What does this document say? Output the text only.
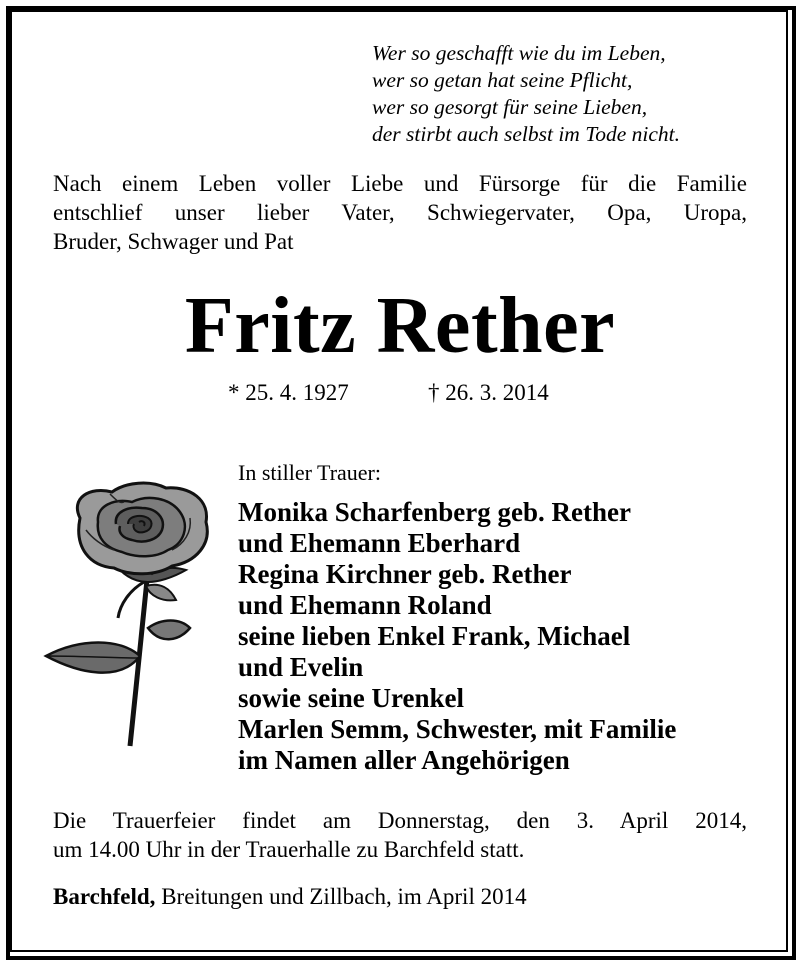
Wer so geschafft wie du im Leben,
wer so getan hat seine Pflicht,
wer so gesorgt für seine Lieben,
der stirbt auch selbst im Tode nicht.
Nach einem Leben voller Liebe und Fürsorge für die Familie
entschlief unser lieber Vater, Schwiegervater, Opa, Uropa,
Bruder, Schwager und Pat
Fritz Rether
* 25. 4. 1927	† 26. 3. 2014
In stiller Trauer:
Monika Scharfenberg geb. Rether
und Ehemann Eberhard
Regina Kirchner geb. Rether
und Ehemann Roland
seine lieben Enkel Frank, Michael
und Evelin
sowie seine Urenkel
Marlen Semm, Schwester, mit Familie
im Namen aller Angehörigen
Die Trauerfeier findet am Donnerstag, den 3. April 2014,
um 14.00 Uhr in der Trauerhalle zu Barchfeld statt.
Barchfeld, Breitungen und Zillbach, im April 2014
